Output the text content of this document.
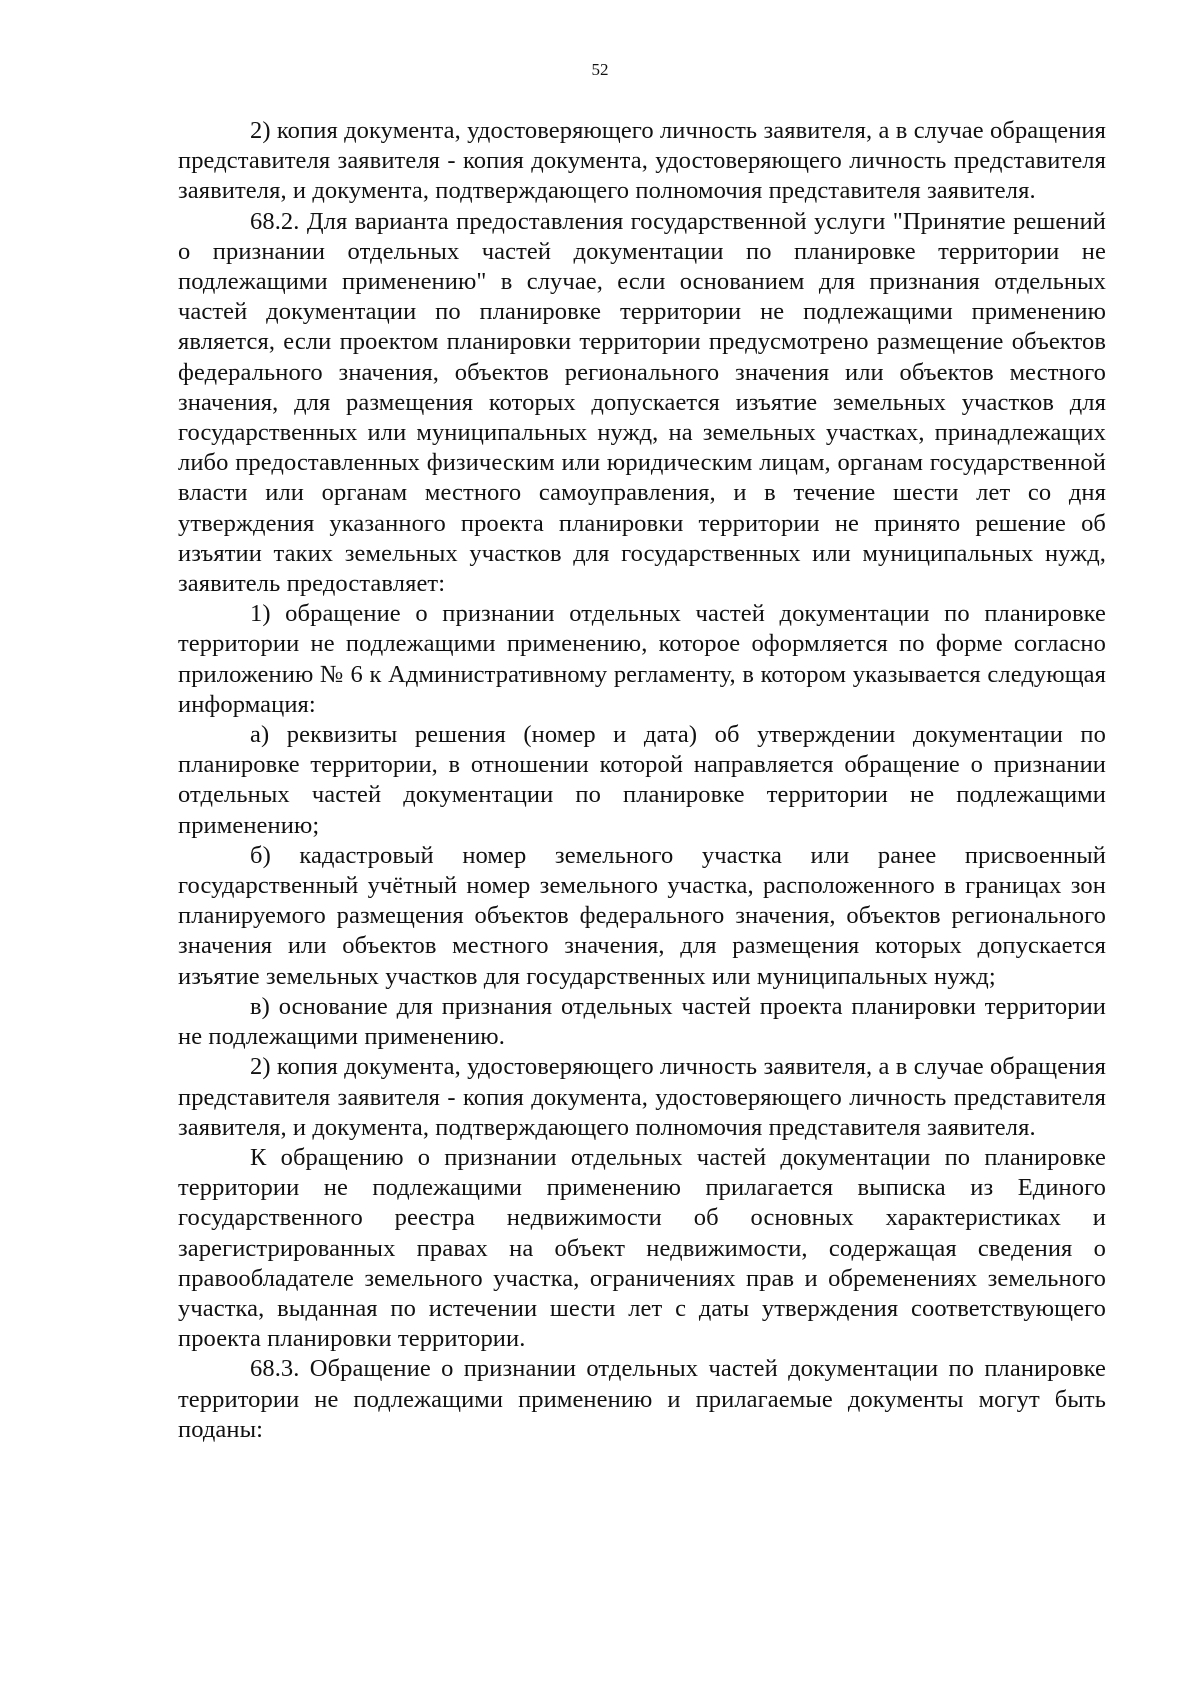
52

2) копия документа, удостоверяющего личность заявителя, а в случае обращения представителя заявителя - копия документа, удостоверяющего личность представителя заявителя, и документа, подтверждающего полномочия представителя заявителя.

68.2. Для варианта предоставления государственной услуги "Принятие решений о признании отдельных частей документации по планировке территории не подлежащими применению" в случае, если основанием для признания отдельных частей документации по планировке территории не подлежащими применению является, если проектом планировки территории предусмотрено размещение объектов федерального значения, объектов регионального значения или объектов местного значения, для размещения которых допускается изъятие земельных участков для государственных или муниципальных нужд, на земельных участках, принадлежащих либо предоставленных физическим или юридическим лицам, органам государственной власти или органам местного самоуправления, и в течение шести лет со дня утверждения указанного проекта планировки территории не принято решение об изъятии таких земельных участков для государственных или муниципальных нужд, заявитель предоставляет:

1) обращение о признании отдельных частей документации по планировке территории не подлежащими применению, которое оформляется по форме согласно приложению № 6 к Административному регламенту, в котором указывается следующая информация:

а) реквизиты решения (номер и дата) об утверждении документации по планировке территории, в отношении которой направляется обращение о признании отдельных частей документации по планировке территории не подлежащими применению;

б) кадастровый номер земельного участка или ранее присвоенный государственный учётный номер земельного участка, расположенного в границах зон планируемого размещения объектов федерального значения, объектов регионального значения или объектов местного значения, для размещения которых допускается изъятие земельных участков для государственных или муниципальных нужд;

в) основание для признания отдельных частей проекта планировки территории не подлежащими применению.

2) копия документа, удостоверяющего личность заявителя, а в случае обращения представителя заявителя - копия документа, удостоверяющего личность представителя заявителя, и документа, подтверждающего полномочия представителя заявителя.

К обращению о признании отдельных частей документации по планировке территории не подлежащими применению прилагается выписка из Единого государственного реестра недвижимости об основных характеристиках и зарегистрированных правах на объект недвижимости, содержащая сведения о правообладателе земельного участка, ограничениях прав и обременениях земельного участка, выданная по истечении шести лет с даты утверждения соответствующего проекта планировки территории.

68.3. Обращение о признании отдельных частей документации по планировке территории не подлежащими применению и прилагаемые документы могут быть поданы:
